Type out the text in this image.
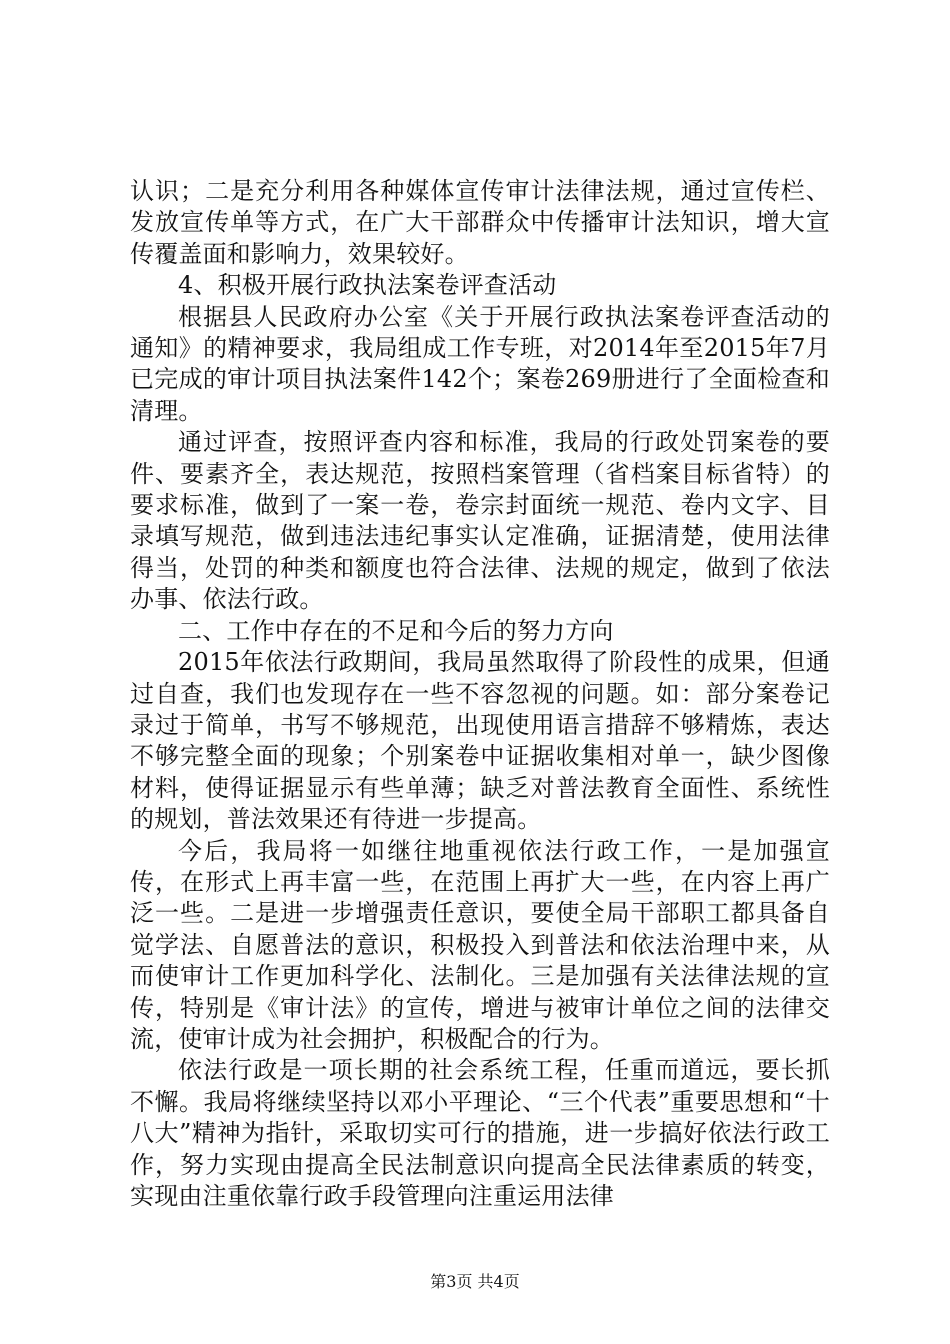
认识；二是充分利用各种媒体宣传审计法律法规，通过宣传栏、发放宣传单等方式，在广大干部群众中传播审计法知识，增大宣传覆盖面和影响力，效果较好。

4、积极开展行政执法案卷评查活动

根据县人民政府办公室《关于开展行政执法案卷评查活动的通知》的精神要求，我局组成工作专班，对2014年至2015年7月已完成的审计项目执法案件142个；案卷269册进行了全面检查和清理。

通过评查，按照评查内容和标准，我局的行政处罚案卷的要件、要素齐全，表达规范，按照档案管理（省档案目标省特）的要求标准，做到了一案一卷，卷宗封面统一规范、卷内文字、目录填写规范，做到违法违纪事实认定准确，证据清楚，使用法律得当，处罚的种类和额度也符合法律、法规的规定，做到了依法办事、依法行政。

二、工作中存在的不足和今后的努力方向

2015年依法行政期间，我局虽然取得了阶段性的成果，但通过自查，我们也发现存在一些不容忽视的问题。如：部分案卷记录过于简单，书写不够规范，出现使用语言措辞不够精炼，表达不够完整全面的现象；个别案卷中证据收集相对单一，缺少图像材料，使得证据显示有些单薄；缺乏对普法教育全面性、系统性的规划，普法效果还有待进一步提高。

今后，我局将一如继往地重视依法行政工作，一是加强宣传，在形式上再丰富一些，在范围上再扩大一些，在内容上再广泛一些。二是进一步增强责任意识，要使全局干部职工都具备自觉学法、自愿普法的意识，积极投入到普法和依法治理中来，从而使审计工作更加科学化、法制化。三是加强有关法律法规的宣传，特别是《审计法》的宣传，增进与被审计单位之间的法律交流，使审计成为社会拥护，积极配合的行为。

依法行政是一项长期的社会系统工程，任重而道远，要长抓不懈。我局将继续坚持以邓小平理论、“三个代表”重要思想和“十八大”精神为指针，采取切实可行的措施，进一步搞好依法行政工作，努力实现由提高全民法制意识向提高全民法律素质的转变，实现由注重依靠行政手段管理向注重运用法律

第3页 共4页
